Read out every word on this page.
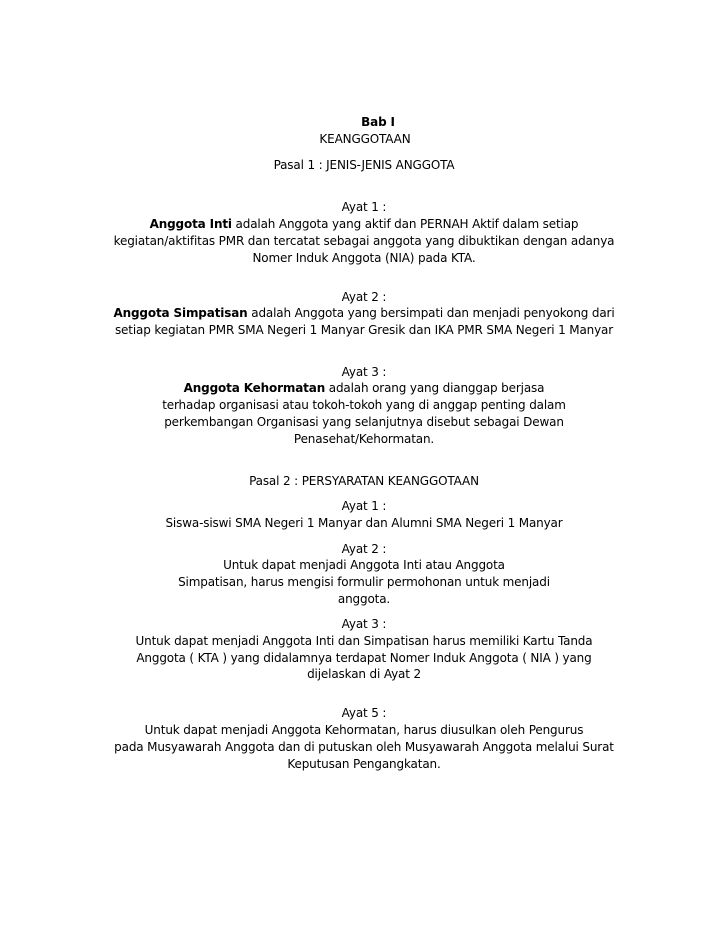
Bab I
KEANGGOTAAN
Pasal 1 : JENIS-JENIS ANGGOTA
Ayat 1 :
Anggota Inti adalah Anggota yang aktif dan PERNAH Aktif dalam setiap
kegiatan/aktifitas PMR dan tercatat sebagai anggota yang dibuktikan dengan adanya
Nomer Induk Anggota (NIA) pada KTA.
Ayat 2 :
Anggota Simpatisan adalah Anggota yang bersimpati dan menjadi penyokong dari
setiap kegiatan PMR SMA Negeri 1 Manyar Gresik dan IKA PMR SMA Negeri 1 Manyar
Ayat 3 :
Anggota Kehormatan adalah orang yang dianggap berjasa
terhadap organisasi atau tokoh-tokoh yang di anggap penting dalam
perkembangan Organisasi yang selanjutnya disebut sebagai Dewan
Penasehat/Kehormatan.
Pasal 2 : PERSYARATAN KEANGGOTAAN
Ayat 1 :
Siswa-siswi SMA Negeri 1 Manyar dan Alumni SMA Negeri 1 Manyar
Ayat 2 :
Untuk dapat menjadi Anggota Inti atau Anggota
Simpatisan, harus mengisi formulir permohonan untuk menjadi
anggota.
Ayat 3 :
Untuk dapat menjadi Anggota Inti dan Simpatisan harus memiliki Kartu Tanda
Anggota ( KTA ) yang didalamnya terdapat Nomer Induk Anggota ( NIA ) yang
dijelaskan di Ayat 2
Ayat 5 :
Untuk dapat menjadi Anggota Kehormatan, harus diusulkan oleh Pengurus
pada Musyawarah Anggota dan di putuskan oleh Musyawarah Anggota melalui Surat
Keputusan Pengangkatan.
